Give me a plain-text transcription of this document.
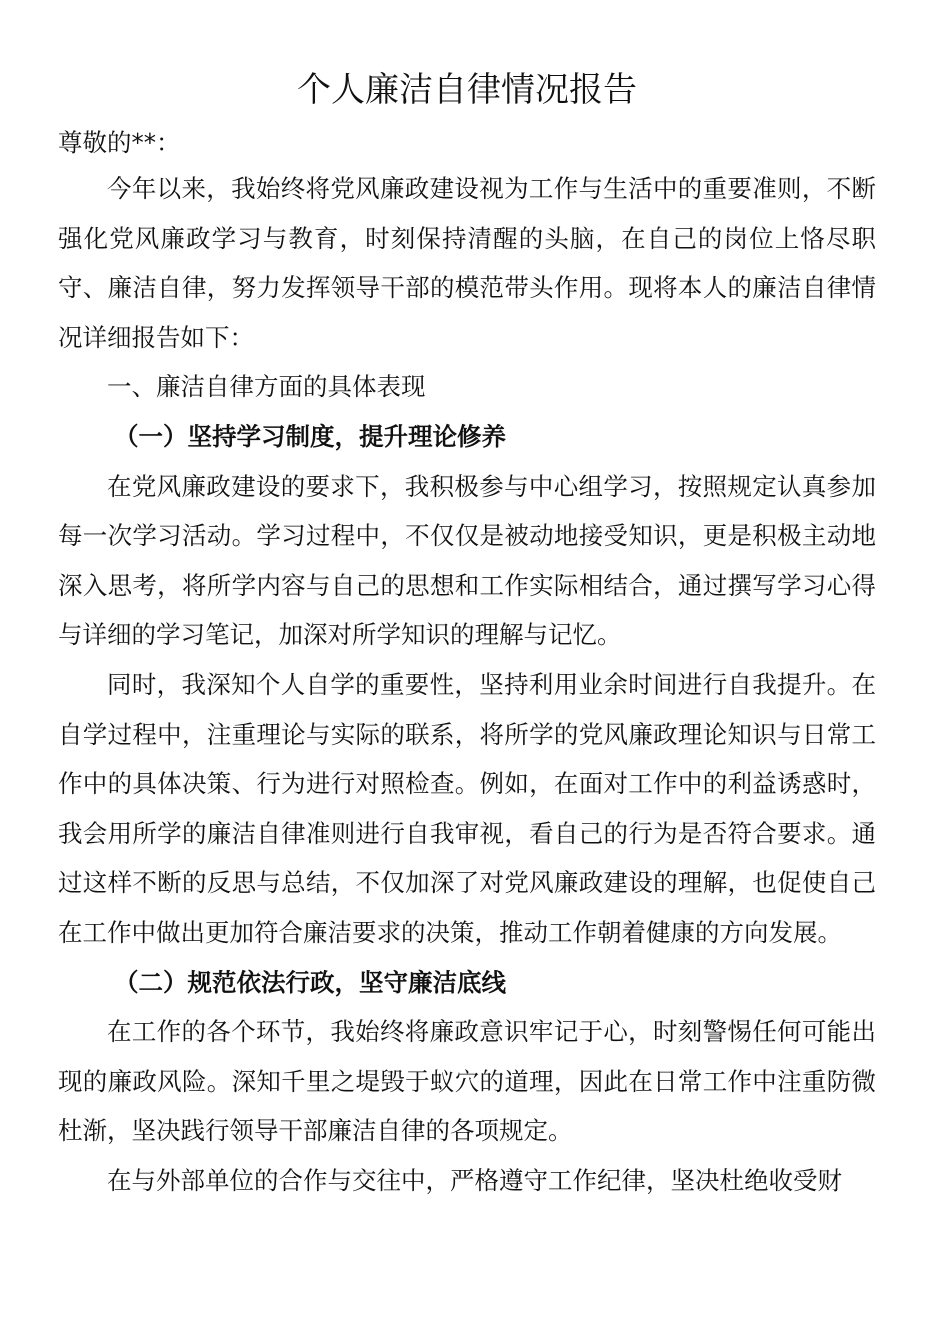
个人廉洁自律情况报告

尊敬的**：

今年以来，我始终将党风廉政建设视为工作与生活中的重要准则，不断强化党风廉政学习与教育，时刻保持清醒的头脑，在自己的岗位上恪尽职守、廉洁自律，努力发挥领导干部的模范带头作用。现将本人的廉洁自律情况详细报告如下：

一、廉洁自律方面的具体表现

（一）坚持学习制度，提升理论修养

在党风廉政建设的要求下，我积极参与中心组学习，按照规定认真参加每一次学习活动。学习过程中，不仅仅是被动地接受知识，更是积极主动地深入思考，将所学内容与自己的思想和工作实际相结合，通过撰写学习心得与详细的学习笔记，加深对所学知识的理解与记忆。

同时，我深知个人自学的重要性，坚持利用业余时间进行自我提升。在自学过程中，注重理论与实际的联系，将所学的党风廉政理论知识与日常工作中的具体决策、行为进行对照检查。例如，在面对工作中的利益诱惑时，我会用所学的廉洁自律准则进行自我审视，看自己的行为是否符合要求。通过这样不断的反思与总结，不仅加深了对党风廉政建设的理解，也促使自己在工作中做出更加符合廉洁要求的决策，推动工作朝着健康的方向发展。

（二）规范依法行政，坚守廉洁底线

在工作的各个环节，我始终将廉政意识牢记于心，时刻警惕任何可能出现的廉政风险。深知千里之堤毁于蚁穴的道理，因此在日常工作中注重防微杜渐，坚决践行领导干部廉洁自律的各项规定。

在与外部单位的合作与交往中，严格遵守工作纪律，坚决杜绝收受财
